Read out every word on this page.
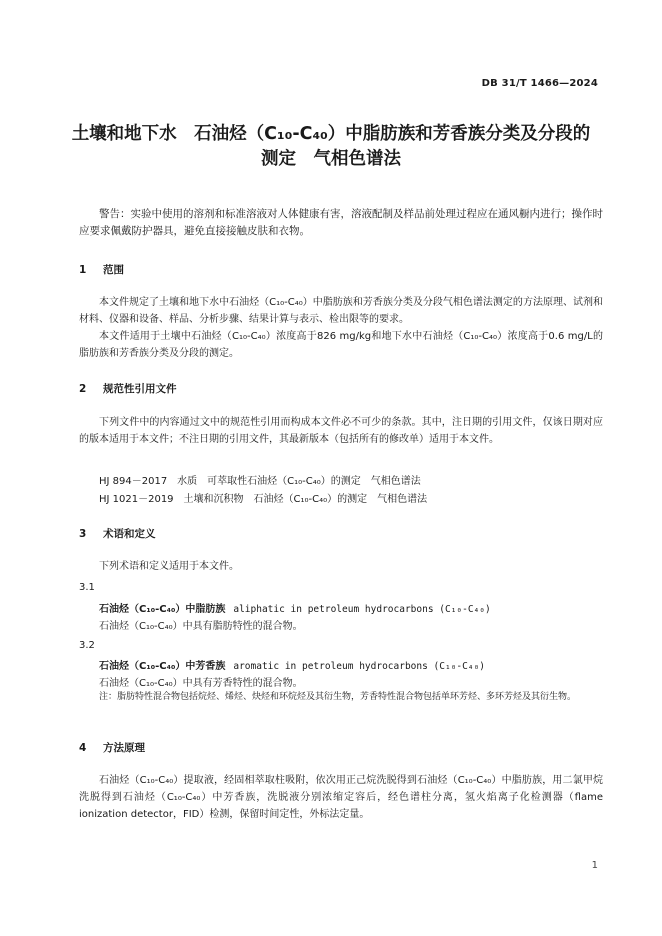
DB 31/T 1466—2024
土壤和地下水　石油烃（C₁₀-C₄₀）中脂肪族和芳香族分类及分段的
测定　气相色谱法
警告：实验中使用的溶剂和标准溶液对人体健康有害，溶液配制及样品前处理过程应在通风橱内进行；操作时应要求佩戴防护器具，避免直接接触皮肤和衣物。
1 范围
本文件规定了土壤和地下水中石油烃（C₁₀-C₄₀）中脂肪族和芳香族分类及分段气相色谱法测定的方法原理、试剂和材料、仪器和设备、样品、分析步骤、结果计算与表示、检出限等的要求。
本文件适用于土壤中石油烃（C₁₀-C₄₀）浓度高于826 mg/kg和地下水中石油烃（C₁₀-C₄₀）浓度高于0.6 mg/L的脂肪族和芳香族分类及分段的测定。
2 规范性引用文件
下列文件中的内容通过文中的规范性引用而构成本文件必不可少的条款。其中，注日期的引用文件，仅该日期对应的版本适用于本文件；不注日期的引用文件，其最新版本（包括所有的修改单）适用于本文件。
HJ 894－2017　水质　可萃取性石油烃（C₁₀-C₄₀）的测定　气相色谱法
HJ 1021－2019　土壤和沉积物　石油烃（C₁₀-C₄₀）的测定　气相色谱法
3 术语和定义
下列术语和定义适用于本文件。
3.1
石油烃（C₁₀-C₄₀）中脂肪族 aliphatic in petroleum hydrocarbons (C₁₀-C₄₀)
石油烃（C₁₀-C₄₀）中具有脂肪特性的混合物。
3.2
石油烃（C₁₀-C₄₀）中芳香族 aromatic in petroleum hydrocarbons (C₁₀-C₄₀)
石油烃（C₁₀-C₄₀）中具有芳香特性的混合物。
注：脂肪特性混合物包括烷烃、烯烃、炔烃和环烷烃及其衍生物，芳香特性混合物包括单环芳烃、多环芳烃及其衍生物。
4 方法原理
石油烃（C₁₀-C₄₀）提取液，经固相萃取柱吸附，依次用正己烷洗脱得到石油烃（C₁₀-C₄₀）中脂肪族，用二氯甲烷洗脱得到石油烃（C₁₀-C₄₀）中芳香族，洗脱液分别浓缩定容后，经色谱柱分离，氢火焰离子化检测器（flame ionization detector，FID）检测，保留时间定性，外标法定量。
1
